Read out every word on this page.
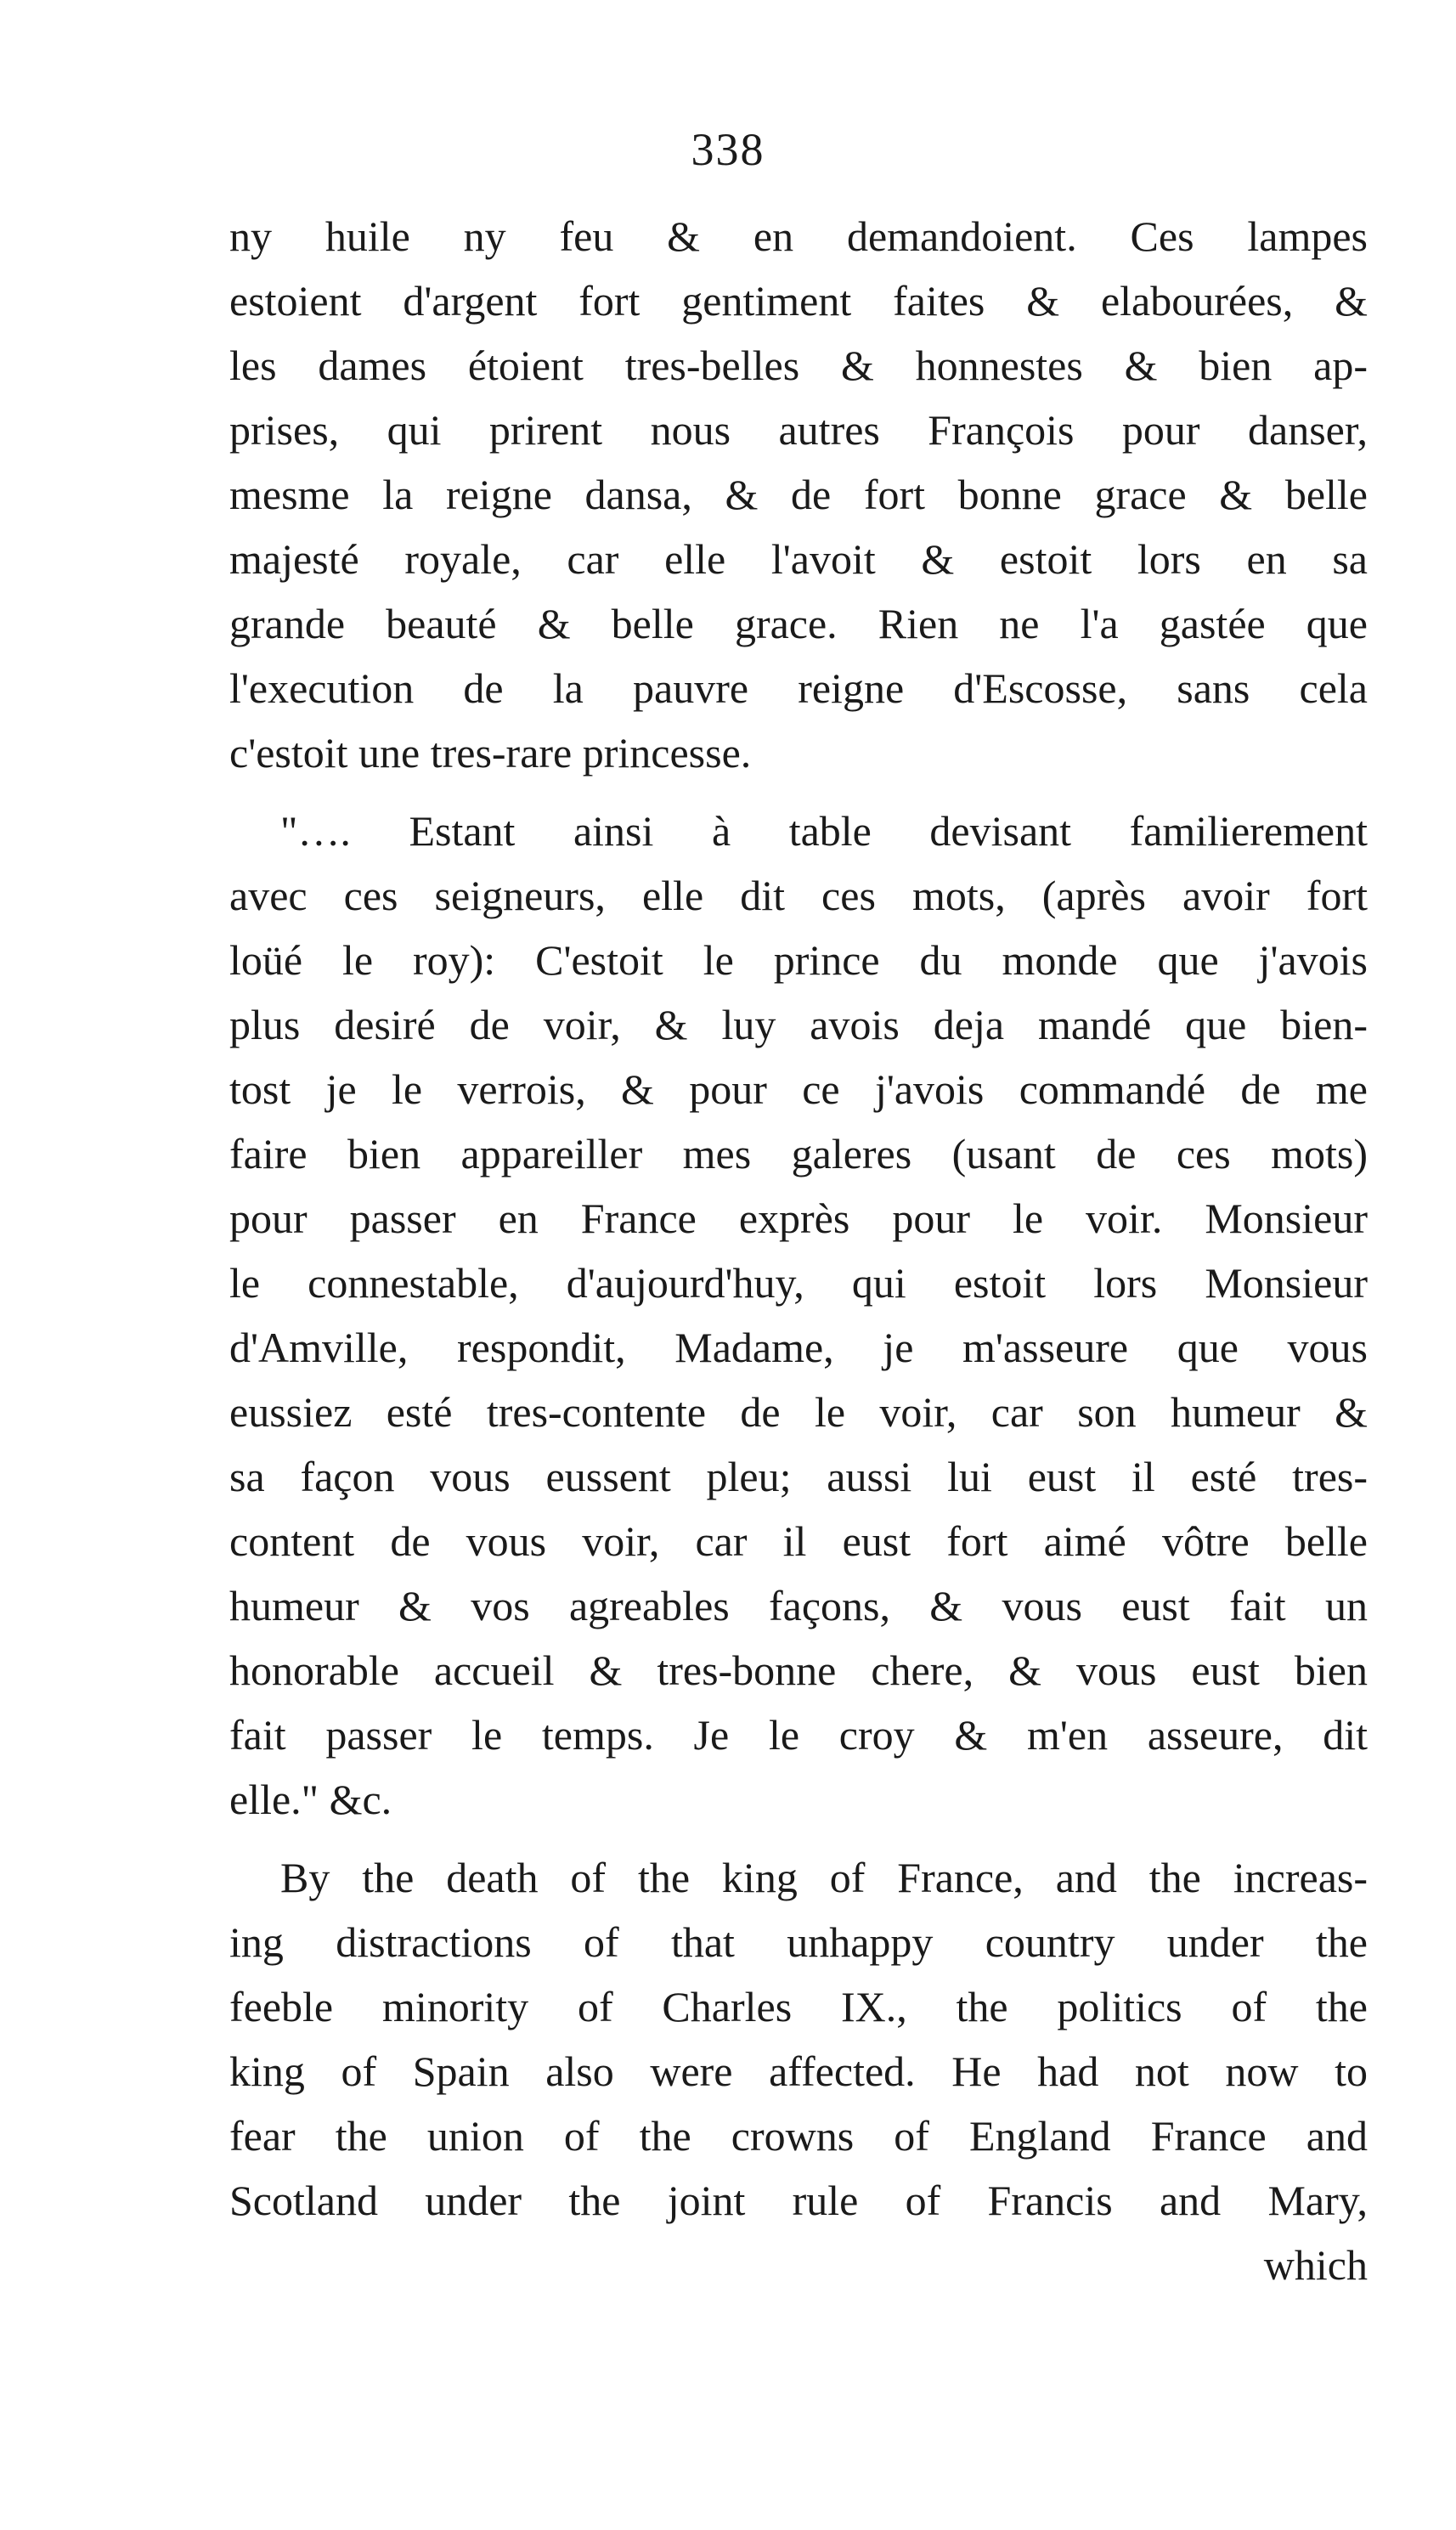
338
ny huile ny feu & en demandoient. Ces lampes
estoient d'argent fort gentiment faites & elabourées, &
les dames étoient tres-belles & honnestes & bien ap-
prises, qui prirent nous autres François pour danser,
mesme la reigne dansa, & de fort bonne grace & belle
majesté royale, car elle l'avoit & estoit lors en sa
grande beauté & belle grace. Rien ne l'a gastée que
l'execution de la pauvre reigne d'Escosse, sans cela
c'estoit une tres-rare princesse.
"…. Estant ainsi à table devisant familierement
avec ces seigneurs, elle dit ces mots, (après avoir fort
loüé le roy): C'estoit le prince du monde que j'avois
plus desiré de voir, & luy avois deja mandé que bien-
tost je le verrois, & pour ce j'avois commandé de me
faire bien appareiller mes galeres (usant de ces mots)
pour passer en France exprès pour le voir. Monsieur
le connestable, d'aujourd'huy, qui estoit lors Monsieur
d'Amville, respondit, Madame, je m'asseure que vous
eussiez esté tres-contente de le voir, car son humeur &
sa façon vous eussent pleu; aussi lui eust il esté tres-
content de vous voir, car il eust fort aimé vôtre belle
humeur & vos agreables façons, & vous eust fait un
honorable accueil & tres-bonne chere, & vous eust bien
fait passer le temps. Je le croy & m'en asseure, dit
elle." &c.
By the death of the king of France, and the increas-
ing distractions of that unhappy country under the
feeble minority of Charles IX., the politics of the
king of Spain also were affected. He had not now to
fear the union of the crowns of England France and
Scotland under the joint rule of Francis and Mary,
which
